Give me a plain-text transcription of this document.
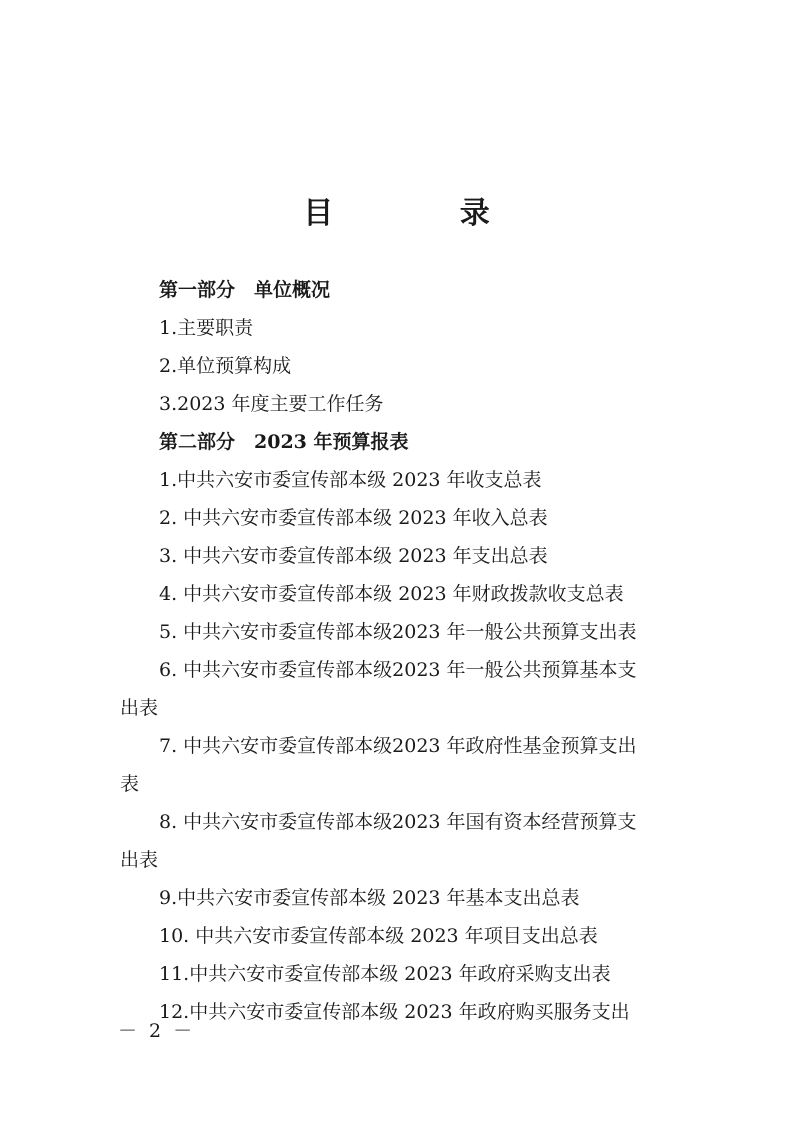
目 录
第一部分　单位概况
1.主要职责
2.单位预算构成
3.2023 年度主要工作任务
第二部分　2023 年预算报表
1.中共六安市委宣传部本级 2023 年收支总表
2. 中共六安市委宣传部本级 2023 年收入总表
3. 中共六安市委宣传部本级 2023 年支出总表
4. 中共六安市委宣传部本级 2023 年财政拨款收支总表
5. 中共六安市委宣传部本级2023 年一般公共预算支出表
6. 中共六安市委宣传部本级2023 年一般公共预算基本支
出表
7. 中共六安市委宣传部本级2023 年政府性基金预算支出
表
8. 中共六安市委宣传部本级2023 年国有资本经营预算支
出表
9.中共六安市委宣传部本级 2023 年基本支出总表
10. 中共六安市委宣传部本级 2023 年项目支出总表
11.中共六安市委宣传部本级 2023 年政府采购支出表
12.中共六安市委宣传部本级 2023 年政府购买服务支出
－ 2 －
